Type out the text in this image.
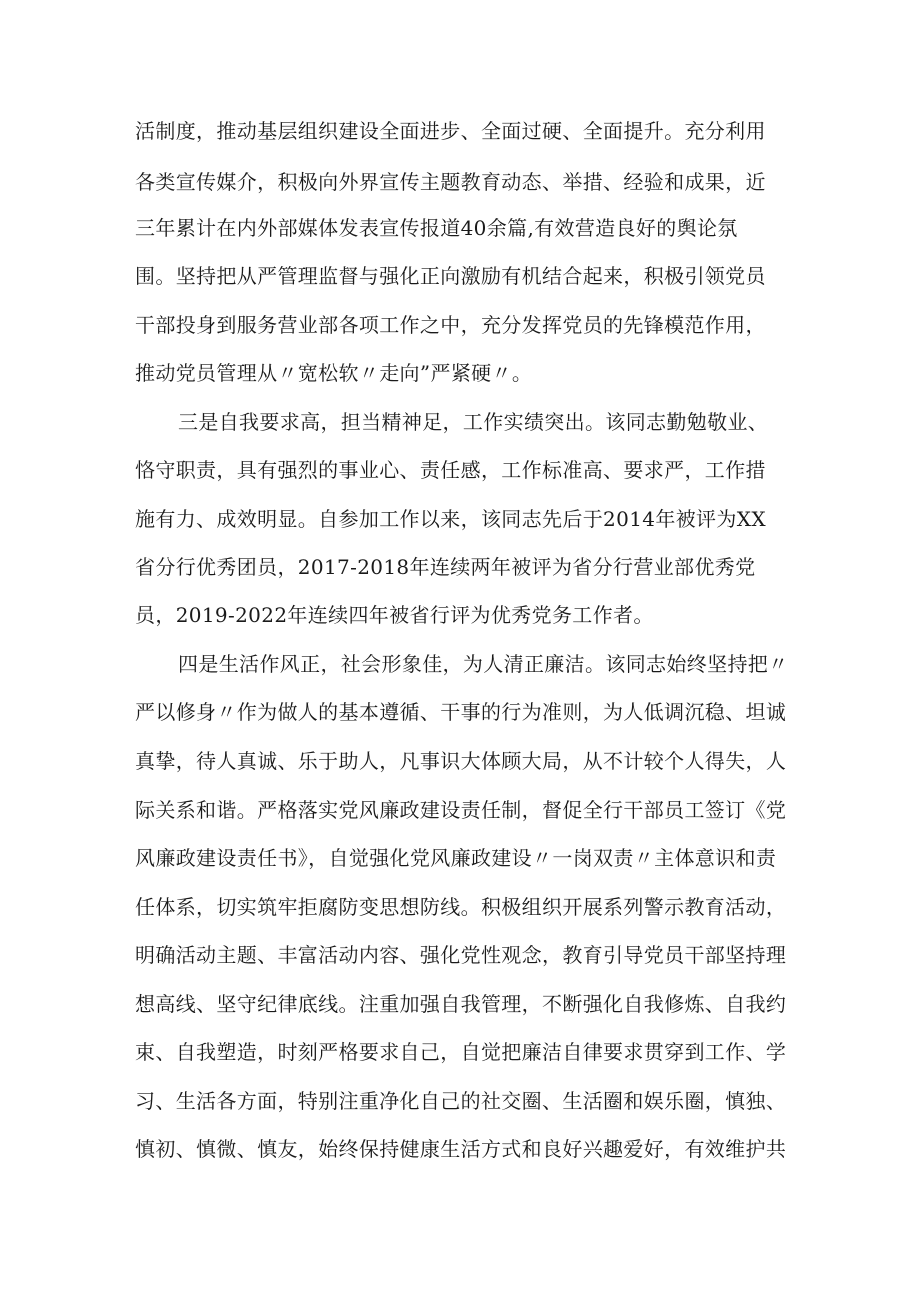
活制度，推动基层组织建设全面进步、全面过硬、全面提升。充分利用
各类宣传媒介，积极向外界宣传主题教育动态、举措、经验和成果，近
三年累计在内外部媒体发表宣传报道40余篇,有效营造良好的舆论氛
围。坚持把从严管理监督与强化正向激励有机结合起来，积极引领党员
干部投身到服务营业部各项工作之中，充分发挥党员的先锋模范作用，
推动党员管理从〃宽松软〃走向”严紧硬〃。
三是自我要求高，担当精神足，工作实绩突出。该同志勤勉敬业、
恪守职责，具有强烈的事业心、责任感，工作标准高、要求严，工作措
施有力、成效明显。自参加工作以来，该同志先后于2014年被评为XX
省分行优秀团员，2017-2018年连续两年被评为省分行营业部优秀党
员，2019-2022年连续四年被省行评为优秀党务工作者。
四是生活作风正，社会形象佳，为人清正廉洁。该同志始终坚持把〃
严以修身〃作为做人的基本遵循、干事的行为准则，为人低调沉稳、坦诚
真挚，待人真诚、乐于助人，凡事识大体顾大局，从不计较个人得失，人
际关系和谐。严格落实党风廉政建设责任制，督促全行干部员工签订《党
风廉政建设责任书》，自觉强化党风廉政建设〃一岗双责〃主体意识和责
任体系，切实筑牢拒腐防变思想防线。积极组织开展系列警示教育活动，
明确活动主题、丰富活动内容、强化党性观念，教育引导党员干部坚持理
想高线、坚守纪律底线。注重加强自我管理，不断强化自我修炼、自我约
束、自我塑造，时刻严格要求自己，自觉把廉洁自律要求贯穿到工作、学
习、生活各方面，特别注重净化自己的社交圈、生活圈和娱乐圈，慎独、
慎初、慎微、慎友，始终保持健康生活方式和良好兴趣爱好，有效维护共
